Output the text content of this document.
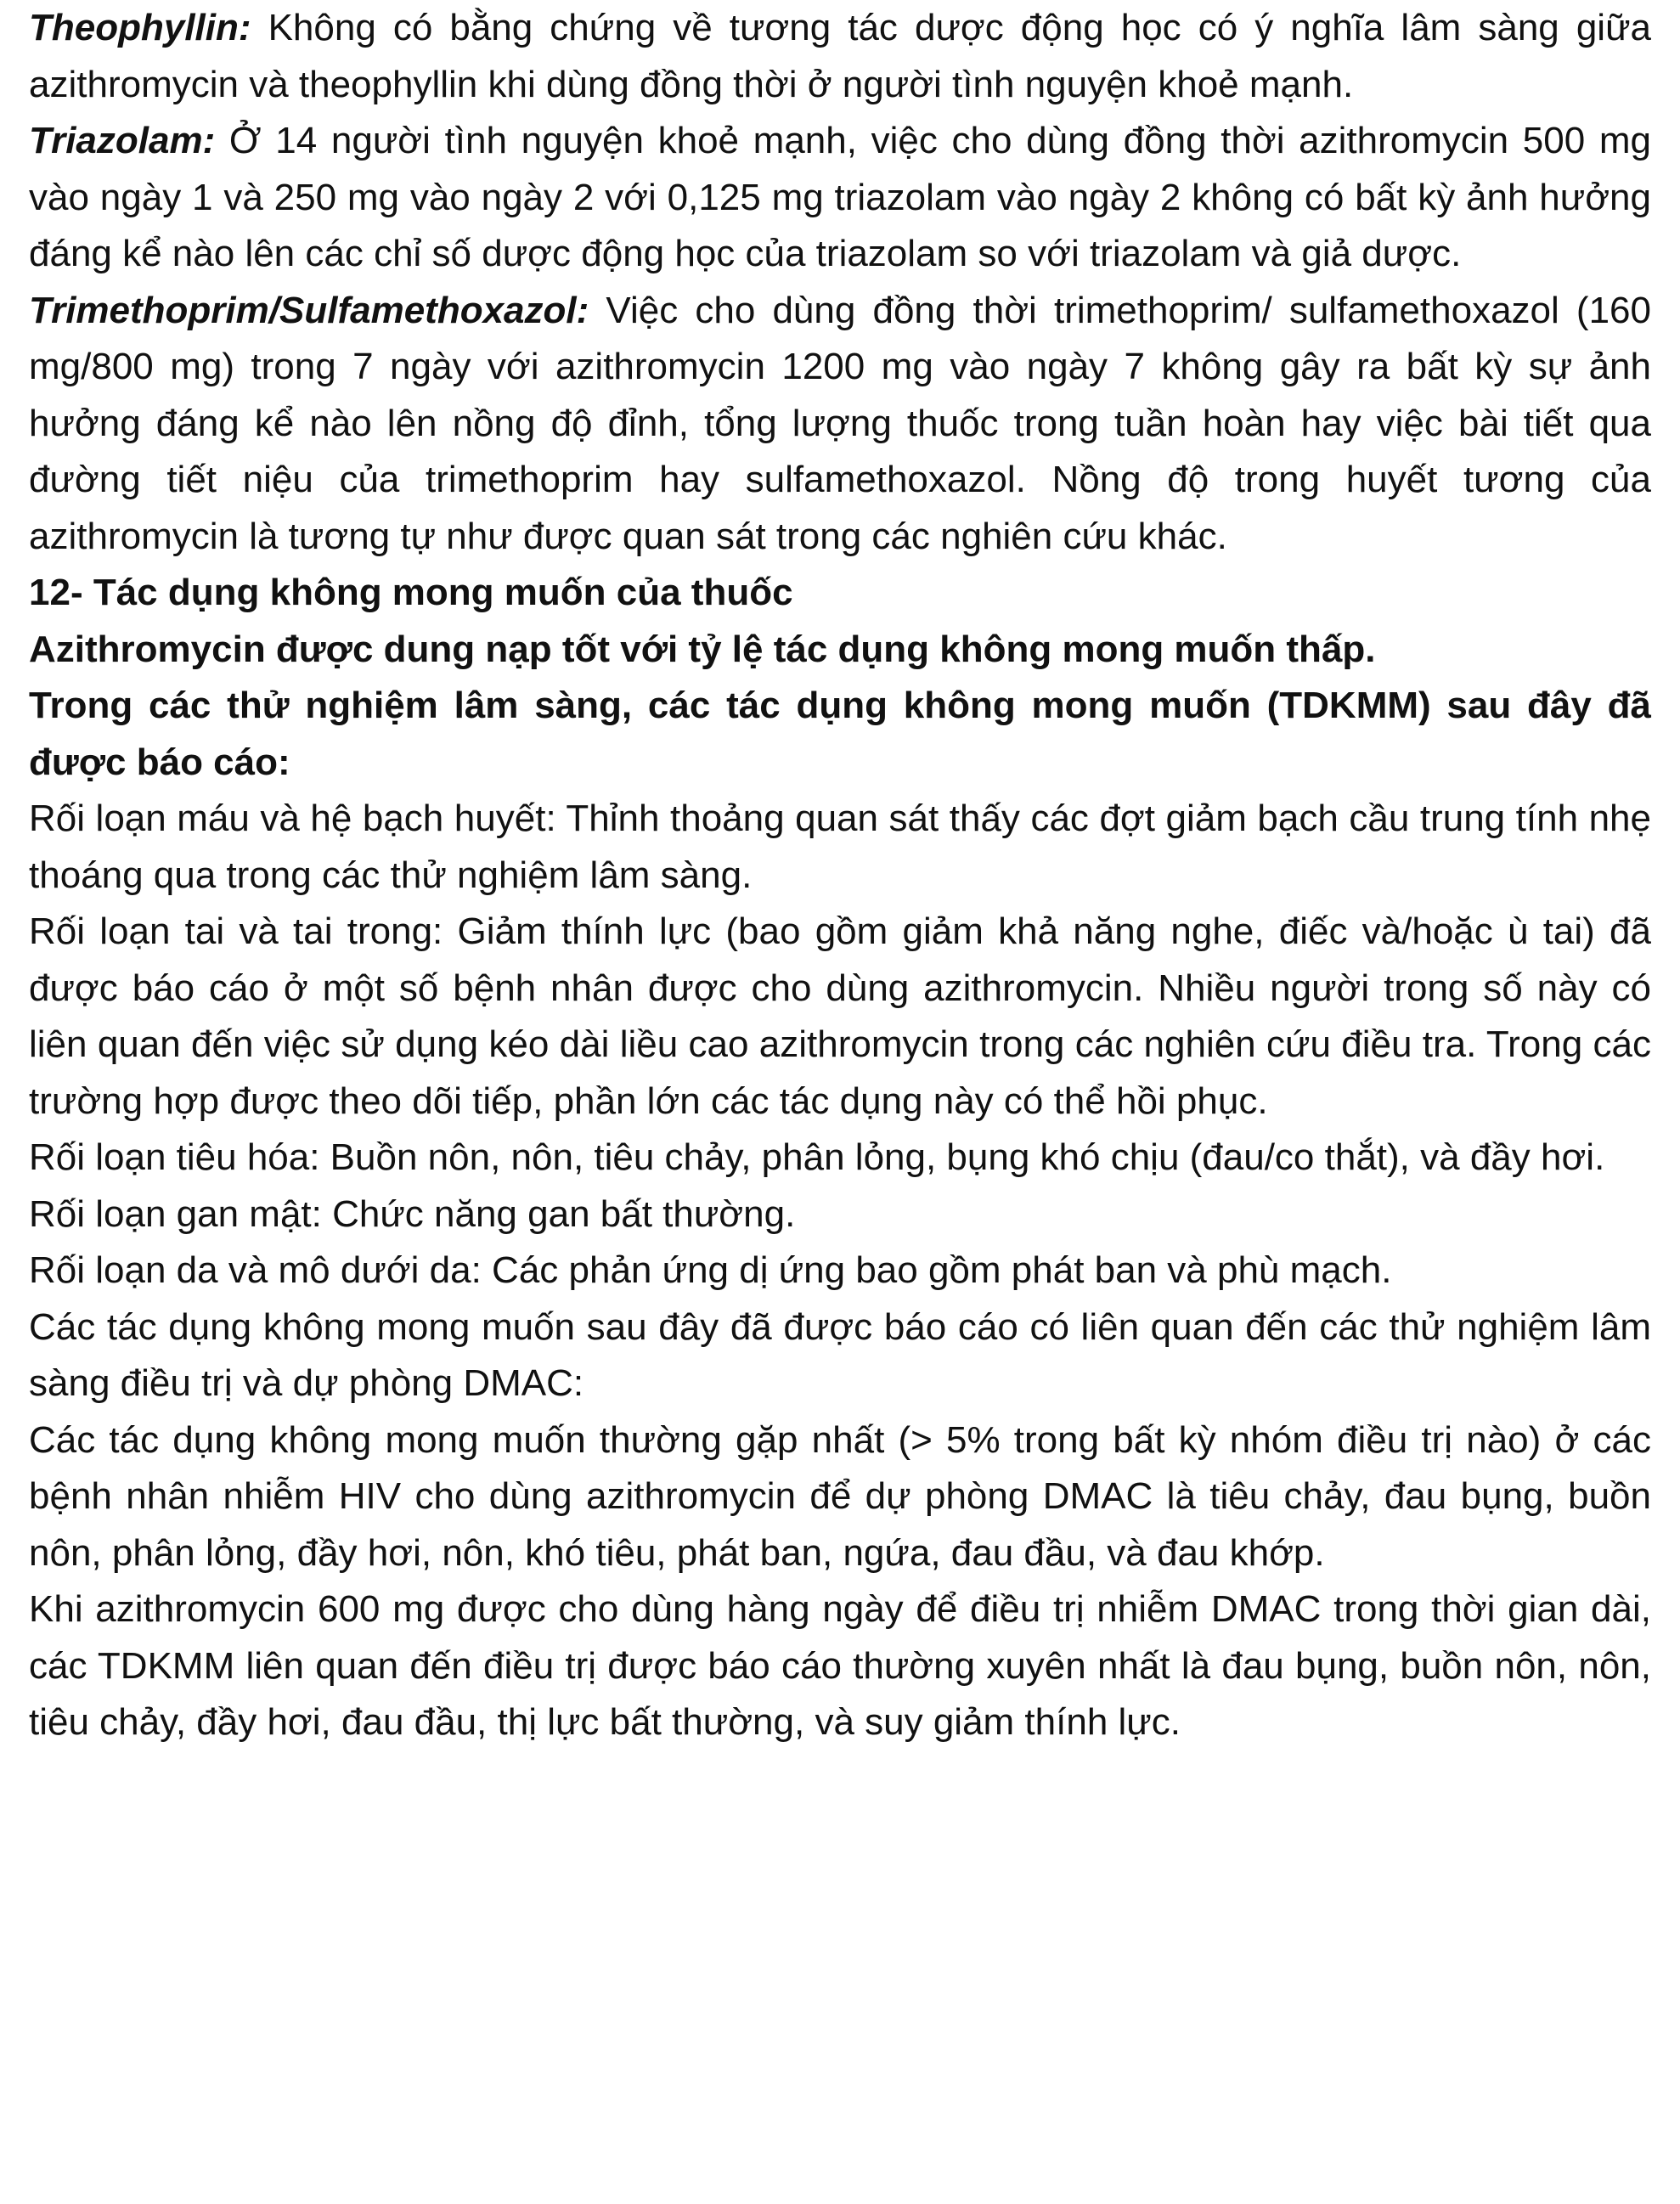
Theophyllin: Không có bằng chứng về tương tác dược động học có ý nghĩa lâm sàng giữa azithromycin và theophyllin khi dùng đồng thời ở người tình nguyện khoẻ mạnh.

Triazolam: Ở 14 người tình nguyện khoẻ mạnh, việc cho dùng đồng thời azithromycin 500 mg vào ngày 1 và 250 mg vào ngày 2 với 0,125 mg triazolam vào ngày 2 không có bất kỳ ảnh hưởng đáng kể nào lên các chỉ số dược động học của triazolam so với triazolam và giả dược.

Trimethoprim/Sulfamethoxazol: Việc cho dùng đồng thời trimethoprim/ sulfamethoxazol (160 mg/800 mg) trong 7 ngày với azithromycin 1200 mg vào ngày 7 không gây ra bất kỳ sự ảnh hưởng đáng kể nào lên nồng độ đỉnh, tổng lượng thuốc trong tuần hoàn hay việc bài tiết qua đường tiết niệu của trimethoprim hay sulfamethoxazol. Nồng độ trong huyết tương của azithromycin là tương tự như được quan sát trong các nghiên cứu khác.

12- Tác dụng không mong muốn của thuốc

Azithromycin được dung nạp tốt với tỷ lệ tác dụng không mong muốn thấp.

Trong các thử nghiệm lâm sàng, các tác dụng không mong muốn (TDKMM) sau đây đã được báo cáo:

Rối loạn máu và hệ bạch huyết: Thỉnh thoảng quan sát thấy các đợt giảm bạch cầu trung tính nhẹ thoáng qua trong các thử nghiệm lâm sàng.

Rối loạn tai và tai trong: Giảm thính lực (bao gồm giảm khả năng nghe, điếc và/hoặc ù tai) đã được báo cáo ở một số bệnh nhân được cho dùng azithromycin. Nhiều người trong số này có liên quan đến việc sử dụng kéo dài liều cao azithromycin trong các nghiên cứu điều tra. Trong các trường hợp được theo dõi tiếp, phần lớn các tác dụng này có thể hồi phục.

Rối loạn tiêu hóa: Buồn nôn, nôn, tiêu chảy, phân lỏng, bụng khó chịu (đau/co thắt), và đầy hơi.

Rối loạn gan mật: Chức năng gan bất thường.

Rối loạn da và mô dưới da: Các phản ứng dị ứng bao gồm phát ban và phù mạch.

Các tác dụng không mong muốn sau đây đã được báo cáo có liên quan đến các thử nghiệm lâm sàng điều trị và dự phòng DMAC:

Các tác dụng không mong muốn thường gặp nhất (> 5% trong bất kỳ nhóm điều trị nào) ở các bệnh nhân nhiễm HIV cho dùng azithromycin để dự phòng DMAC là tiêu chảy, đau bụng, buồn nôn, phân lỏng, đầy hơi, nôn, khó tiêu, phát ban, ngứa, đau đầu, và đau khớp.

Khi azithromycin 600 mg được cho dùng hàng ngày để điều trị nhiễm DMAC trong thời gian dài, các TDKMM liên quan đến điều trị được báo cáo thường xuyên nhất là đau bụng, buồn nôn, nôn, tiêu chảy, đầy hơi, đau đầu, thị lực bất thường, và suy giảm thính lực.
